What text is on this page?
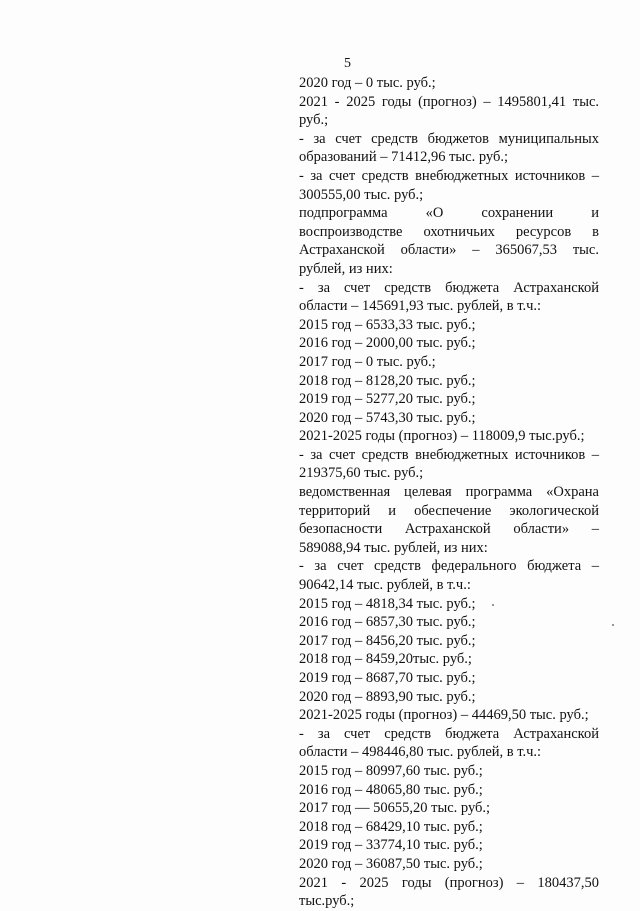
5
2020 год – 0 тыс. руб.;
2021 - 2025 годы (прогноз) – 1495801,41 тыс.
руб.;
- за счет средств бюджетов муниципальных
образований – 71412,96 тыс. руб.;
- за счет средств внебюджетных источников –
300555,00 тыс. руб.;
подпрограмма «О сохранении и
воспроизводстве охотничьих ресурсов в
Астраханской области» – 365067,53 тыс.
рублей, из них:
- за счет средств бюджета Астраханской
области – 145691,93 тыс. рублей, в т.ч.:
2015 год – 6533,33 тыс. руб.;
2016 год – 2000,00 тыс. руб.;
2017 год – 0 тыс. руб.;
2018 год – 8128,20 тыс. руб.;
2019 год – 5277,20 тыс. руб.;
2020 год – 5743,30 тыс. руб.;
2021-2025 годы (прогноз) – 118009,9 тыс.руб.;
- за счет средств внебюджетных источников –
219375,60 тыс. руб.;
ведомственная целевая программа «Охрана
территорий и обеспечение экологической
безопасности Астраханской области» –
589088,94 тыс. рублей, из них:
- за счет средств федерального бюджета –
90642,14 тыс. рублей, в т.ч.:
2015 год – 4818,34 тыс. руб.;
2016 год – 6857,30 тыс. руб.;
2017 год – 8456,20 тыс. руб.;
2018 год – 8459,20тыс. руб.;
2019 год – 8687,70 тыс. руб.;
2020 год – 8893,90 тыс. руб.;
2021-2025 годы (прогноз) – 44469,50 тыс. руб.;
- за счет средств бюджета Астраханской
области – 498446,80 тыс. рублей, в т.ч.:
2015 год – 80997,60 тыс. руб.;
2016 год – 48065,80 тыс. руб.;
2017 год — 50655,20 тыс. руб.;
2018 год – 68429,10 тыс. руб.;
2019 год – 33774,10 тыс. руб.;
2020 год – 36087,50 тыс. руб.;
2021 - 2025 годы (прогноз) – 180437,50
тыс.руб.;
